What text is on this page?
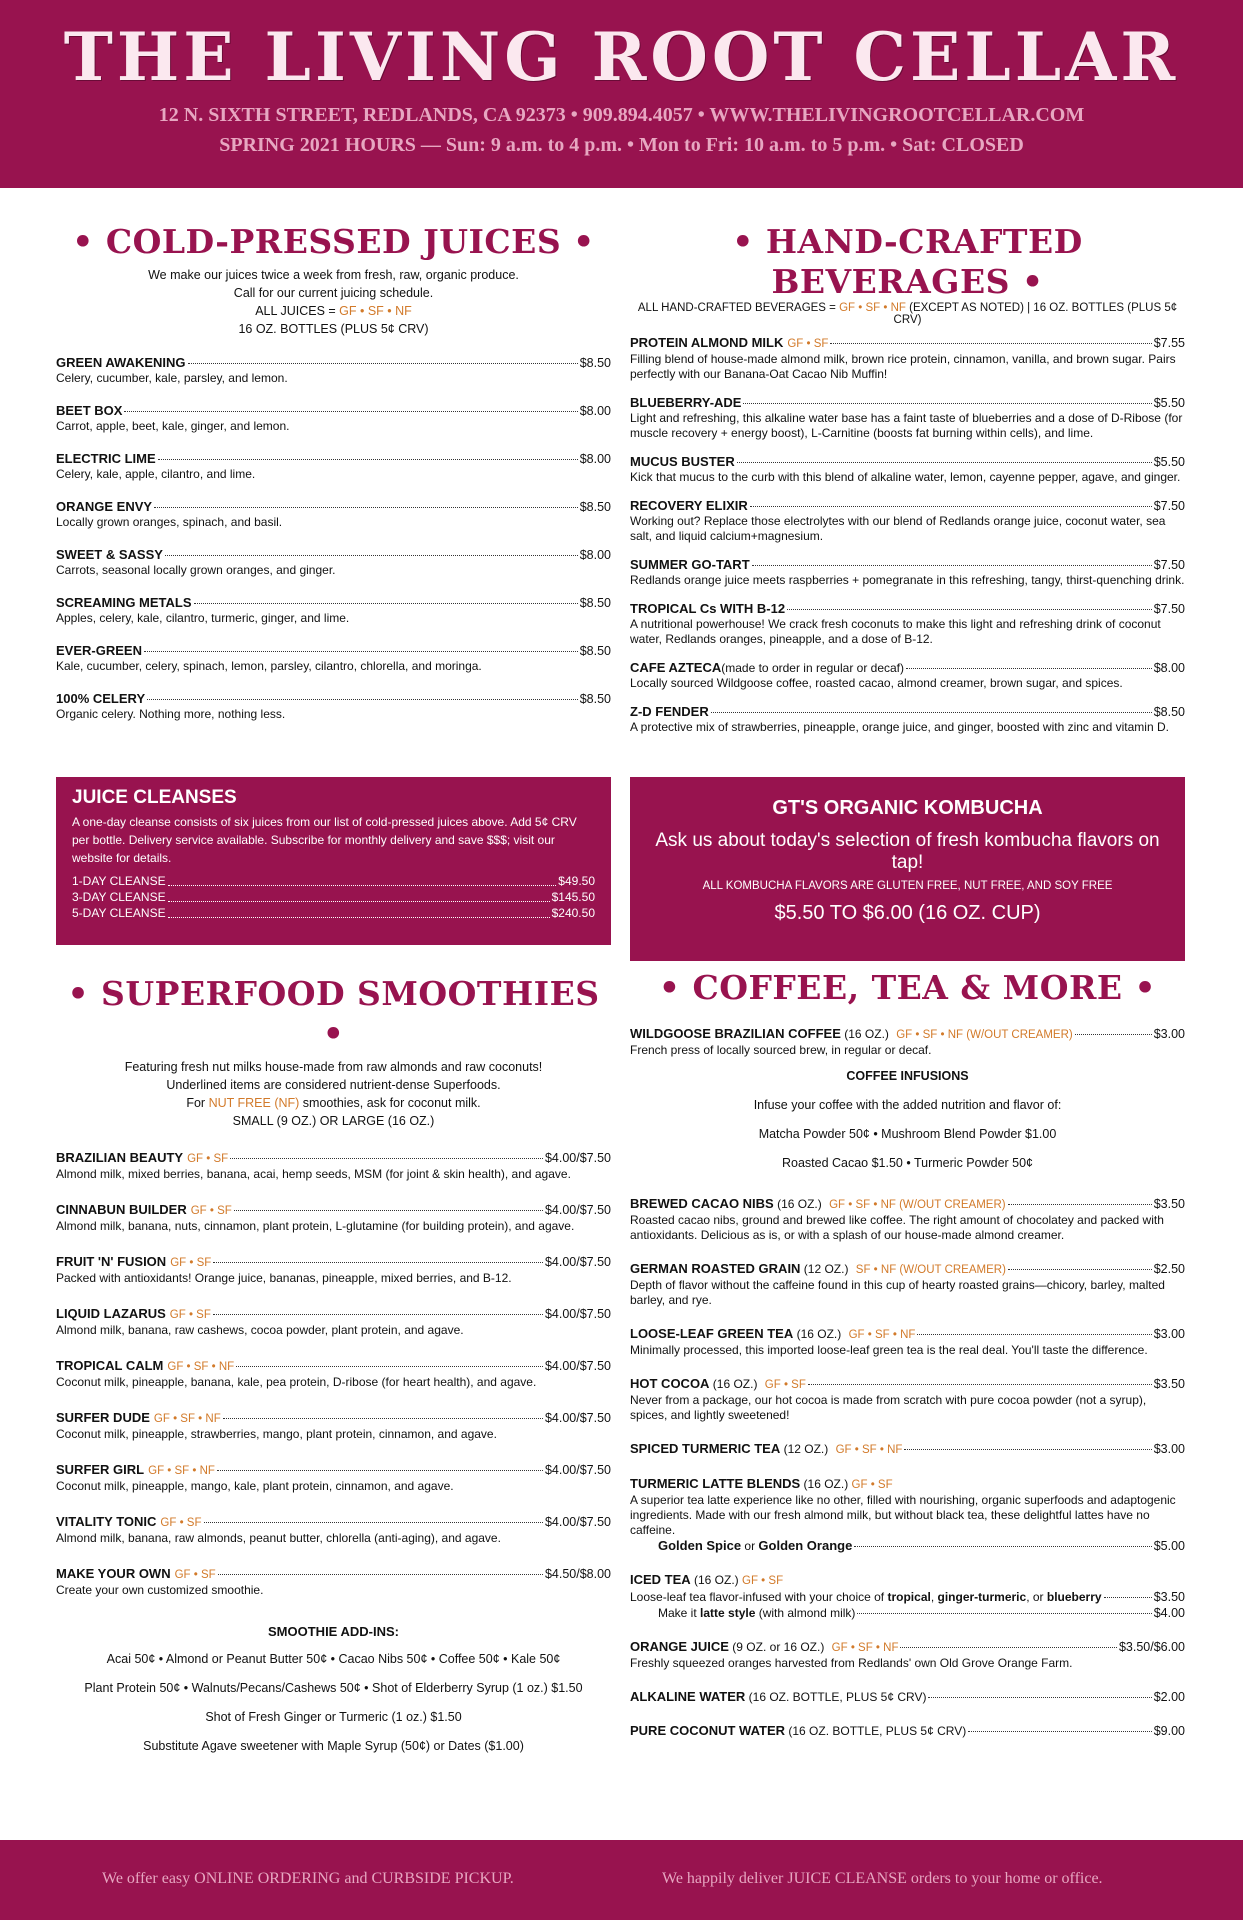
THE LIVING ROOT CELLAR
12 N. SIXTH STREET, REDLANDS, CA 92373 • 909.894.4057 • WWW.THELIVINGROOTCELLAR.COM
SPRING 2021 HOURS — Sun: 9 a.m. to 4 p.m. • Mon to Fri: 10 a.m. to 5 p.m. • Sat: CLOSED
• COLD-PRESSED JUICES •
We make our juices twice a week from fresh, raw, organic produce.
Call for our current juicing schedule.
ALL JUICES = GF • SF • NF
16 OZ. BOTTLES (PLUS 5¢ CRV)
GREEN AWAKENING	$8.50
Celery, cucumber, kale, parsley, and lemon.
BEET BOX	$8.00
Carrot, apple, beet, kale, ginger, and lemon.
ELECTRIC LIME	$8.00
Celery, kale, apple, cilantro, and lime.
ORANGE ENVY	$8.50
Locally grown oranges, spinach, and basil.
SWEET & SASSY	$8.00
Carrots, seasonal locally grown oranges, and ginger.
SCREAMING METALS	$8.50
Apples, celery, kale, cilantro, turmeric, ginger, and lime.
EVER-GREEN	$8.50
Kale, cucumber, celery, spinach, lemon, parsley, cilantro, chlorella, and moringa.
100% CELERY	$8.50
Organic celery. Nothing more, nothing less.
JUICE CLEANSES

A one-day cleanse consists of six juices from our list of cold-pressed juices above. Add 5¢ CRV per bottle. Delivery service available. Subscribe for monthly delivery and save $$$; visit our website for details.

1-DAY CLEANSE	$49.50
3-DAY CLEANSE	$145.50
5-DAY CLEANSE	$240.50
• SUPERFOOD SMOOTHIES •
Featuring fresh nut milks house-made from raw almonds and raw coconuts!
Underlined items are considered nutrient-dense Superfoods.
For NUT FREE (NF) smoothies, ask for coconut milk.
SMALL (9 OZ.) OR LARGE (16 OZ.)
BRAZILIAN BEAUTY GF • SF	$4.00/$7.50
Almond milk, mixed berries, banana, acai, hemp seeds, MSM (for joint & skin health), and agave.
CINNABUN BUILDER GF • SF	$4.00/$7.50
Almond milk, banana, nuts, cinnamon, plant protein, L-glutamine (for building protein), and agave.
FRUIT 'N' FUSION GF • SF	$4.00/$7.50
Packed with antioxidants! Orange juice, bananas, pineapple, mixed berries, and B-12.
LIQUID LAZARUS GF • SF	$4.00/$7.50
Almond milk, banana, raw cashews, cocoa powder, plant protein, and agave.
TROPICAL CALM GF • SF • NF	$4.00/$7.50
Coconut milk, pineapple, banana, kale, pea protein, D-ribose (for heart health), and agave.
SURFER DUDE GF • SF • NF	$4.00/$7.50
Coconut milk, pineapple, strawberries, mango, plant protein, cinnamon, and agave.
SURFER GIRL GF • SF • NF	$4.00/$7.50
Coconut milk, pineapple, mango, kale, plant protein, cinnamon, and agave.
VITALITY TONIC GF • SF	$4.00/$7.50
Almond milk, banana, raw almonds, peanut butter, chlorella (anti-aging), and agave.
MAKE YOUR OWN GF • SF	$4.50/$8.00
Create your own customized smoothie.
SMOOTHIE ADD-INS:
Acai 50¢ • Almond or Peanut Butter 50¢ • Cacao Nibs 50¢ • Coffee 50¢ • Kale 50¢
Plant Protein 50¢ • Walnuts/Pecans/Cashews 50¢ • Shot of Elderberry Syrup (1 oz.) $1.50
Shot of Fresh Ginger or Turmeric (1 oz.) $1.50
Substitute Agave sweetener with Maple Syrup (50¢) or Dates ($1.00)
• HAND-CRAFTED BEVERAGES •
ALL HAND-CRAFTED BEVERAGES = GF • SF • NF (EXCEPT AS NOTED) | 16 OZ. BOTTLES (PLUS 5¢ CRV)
PROTEIN ALMOND MILK GF • SF	$7.55
Filling blend of house-made almond milk, brown rice protein, cinnamon, vanilla, and brown sugar. Pairs perfectly with our Banana-Oat Cacao Nib Muffin!
BLUEBERRY-ADE	$5.50
Light and refreshing, this alkaline water base has a faint taste of blueberries and a dose of D-Ribose (for muscle recovery + energy boost), L-Carnitine (boosts fat burning within cells), and lime.
MUCUS BUSTER	$5.50
Kick that mucus to the curb with this blend of alkaline water, lemon, cayenne pepper, agave, and ginger.
RECOVERY ELIXIR	$7.50
Working out? Replace those electrolytes with our blend of Redlands orange juice, coconut water, sea salt, and liquid calcium+magnesium.
SUMMER GO-TART	$7.50
Redlands orange juice meets raspberries + pomegranate in this refreshing, tangy, thirst-quenching drink.
TROPICAL Cs WITH B-12	$7.50
A nutritional powerhouse! We crack fresh coconuts to make this light and refreshing drink of coconut water, Redlands oranges, pineapple, and a dose of B-12.
CAFE AZTECA (made to order in regular or decaf)	$8.00
Locally sourced Wildgoose coffee, roasted cacao, almond creamer, brown sugar, and spices.
Z-D FENDER	$8.50
A protective mix of strawberries, pineapple, orange juice, and ginger, boosted with zinc and vitamin D.
GT'S ORGANIC KOMBUCHA
Ask us about today's selection of fresh kombucha flavors on tap!
ALL KOMBUCHA FLAVORS ARE GLUTEN FREE, NUT FREE, AND SOY FREE
$5.50 TO $6.00 (16 OZ. CUP)
• COFFEE, TEA & MORE •
WILDGOOSE BRAZILIAN COFFEE (16 OZ.) GF • SF • NF (W/OUT CREAMER)	$3.00
French press of locally sourced brew, in regular or decaf.
COFFEE INFUSIONS
Infuse your coffee with the added nutrition and flavor of:
Matcha Powder 50¢ • Mushroom Blend Powder $1.00
Roasted Cacao $1.50 • Turmeric Powder 50¢
BREWED CACAO NIBS (16 OZ.) GF • SF • NF (W/OUT CREAMER)	$3.50
Roasted cacao nibs, ground and brewed like coffee. The right amount of chocolatey and packed with antioxidants. Delicious as is, or with a splash of our house-made almond creamer.
GERMAN ROASTED GRAIN (12 OZ.) SF • NF (W/OUT CREAMER)	$2.50
Depth of flavor without the caffeine found in this cup of hearty roasted grains—chicory, barley, malted barley, and rye.
LOOSE-LEAF GREEN TEA (16 OZ.) GF • SF • NF	$3.00
Minimally processed, this imported loose-leaf green tea is the real deal. You'll taste the difference.
HOT COCOA (16 OZ.) GF • SF	$3.50
Never from a package, our hot cocoa is made from scratch with pure cocoa powder (not a syrup), spices, and lightly sweetened!
SPICED TURMERIC TEA (12 OZ.) GF • SF • NF	$3.00
TURMERIC LATTE BLENDS (16 OZ.) GF • SF
A superior tea latte experience like no other, filled with nourishing, organic superfoods and adaptogenic ingredients. Made with our fresh almond milk, but without black tea, these delightful lattes have no caffeine.
Golden Spice or Golden Orange	$5.00
ICED TEA (16 OZ.) GF • SF
Loose-leaf tea flavor-infused with your choice of tropical , ginger-turmeric , or blueberry	$3.50
Make it latte style (with almond milk)	$4.00
ORANGE JUICE (9 OZ. or 16 OZ.) GF • SF • NF	$3.50/$6.00
Freshly squeezed oranges harvested from Redlands' own Old Grove Orange Farm.
ALKALINE WATER (16 OZ. BOTTLE, PLUS 5¢ CRV)	$2.00
PURE COCONUT WATER (16 OZ. BOTTLE, PLUS 5¢ CRV)	$9.00
We offer easy ONLINE ORDERING and CURBSIDE PICKUP.	We happily deliver JUICE CLEANSE orders to your home or office.
